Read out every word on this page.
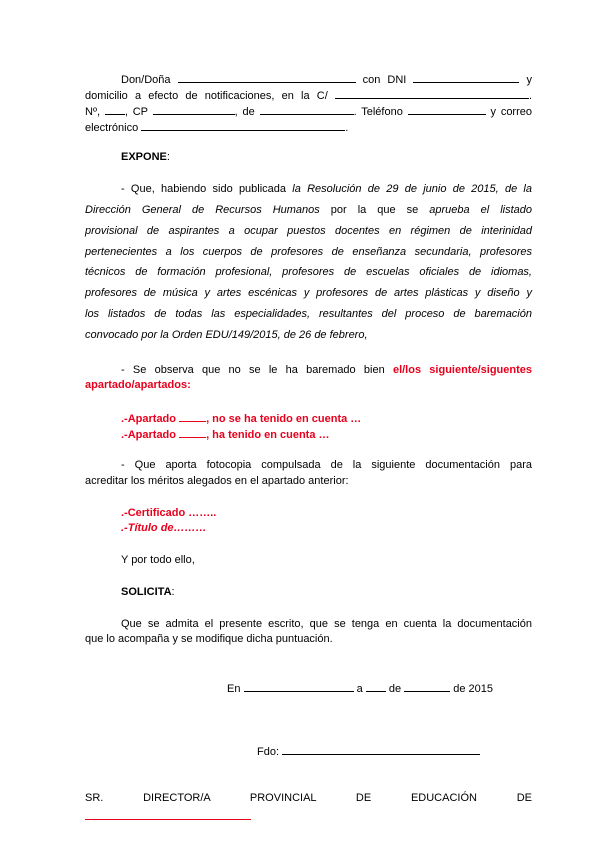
Don/Doña	con DNI	y
domicilio a efecto de notificaciones, en la C/	.
Nº, , CP	, de	. Teléfono	y correo
electrónico	.
EXPONE:
- Que, habiendo sido publicada la Resolución de 29 de junio de 2015, de la
Dirección General de Recursos Humanos por la que se aprueba el listado
provisional de aspirantes a ocupar puestos docentes en régimen de interinidad
pertenecientes a los cuerpos de profesores de enseñanza secundaria, profesores
técnicos de formación profesional, profesores de escuelas oficiales de idiomas,
profesores de música y artes escénicas y profesores de artes plásticas y diseño y
los listados de todas las especialidades, resultantes del proceso de baremación
convocado por la Orden EDU/149/2015, de 26 de febrero,
- Se observa que no se le ha baremado bien el/los siguiente/siguentes
apartado/apartados:
.-Apartado	, no se ha tenido en cuenta …
.-Apartado	, ha tenido en cuenta …
- Que aporta fotocopia compulsada de la siguiente documentación para
acreditar los méritos alegados en el apartado anterior:
.-Certificado ……..
.-Título de………
Y por todo ello,
SOLICITA:
Que se admita el presente escrito, que se tenga en cuenta la documentación
que lo acompaña y se modifique dicha puntuación.
En	a de	de 2015
Fdo:
SR.	DIRECTOR/A	PROVINCIAL	DE	EDUCACIÓN	DE
